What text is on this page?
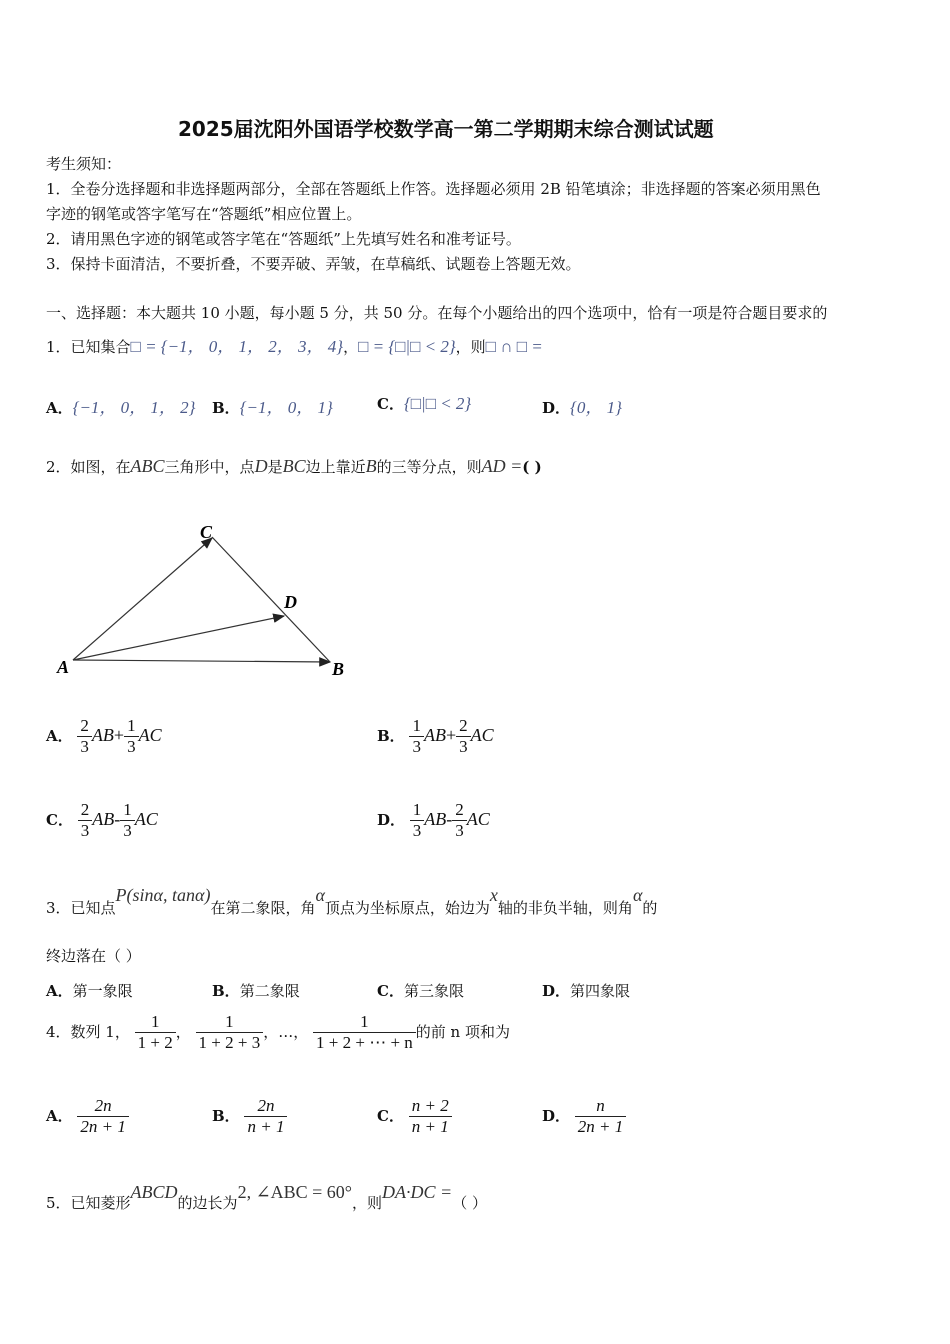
2025届沈阳外国语学校数学高一第二学期期末综合测试试题
考生须知：
1．全卷分选择题和非选择题两部分，全部在答题纸上作答。选择题必须用 2B 铅笔填涂；非选择题的答案必须用黑色
字迹的钢笔或答字笔写在“答题纸”相应位置上。
2．请用黑色字迹的钢笔或答字笔在“答题纸”上先填写姓名和准考证号。
3．保持卡面清洁，不要折叠，不要弄破、弄皱，在草稿纸、试题卷上答题无效。
一、选择题：本大题共 10 小题，每小题 5 分，共 50 分。在每个小题给出的四个选项中，恰有一项是符合题目要求的
1．已知集合□ = {−1， 0， 1， 2， 3， 4}，□ = {□|□ < 2}，则□ ∩ □ =
A．{−1， 0， 1， 2} B．{−1， 0， 1}	C．{□|□ < 2}	D．{0， 1}
2．如图，在ABC三角形中，点D是BC边上靠近B的三等分点，则AD =( )
A	B
C
D
A． $\frac{2}{3} AB+ \frac{1}{3}$ AC	B． $\frac{1}{3} AB+ \frac{2}{3}$ AC
C． $\frac{2}{3} AB- \frac{1}{3}$ AC	D． $\frac{1}{3} AB- \frac{2}{3}$ AC
3．已知点P(sinα, tanα)在第二象限，角α顶点为坐标原点，始边为x轴的非负半轴，则角α的
终边落在（ ）
A．第一象限	B．第二象限	C．第三象限	D．第四象限
4．数列 1， $\frac{1}{1 + 2}$ ， $\frac{1}{1 + 2 + 3}$ ，…， $\frac{1}{1 + 2 + \cdots + n}$ 的前 n 项和为
A． $\frac{2n}{2n + 1}$	B． $\frac{2n}{n + 1}$	C． $\frac{n + 2}{n + 1}$	D． $\frac{n}{2n + 1}$
5．已知菱形ABCD的边长为2, ∠ABC = 60°，则DA·DC =（ ）
